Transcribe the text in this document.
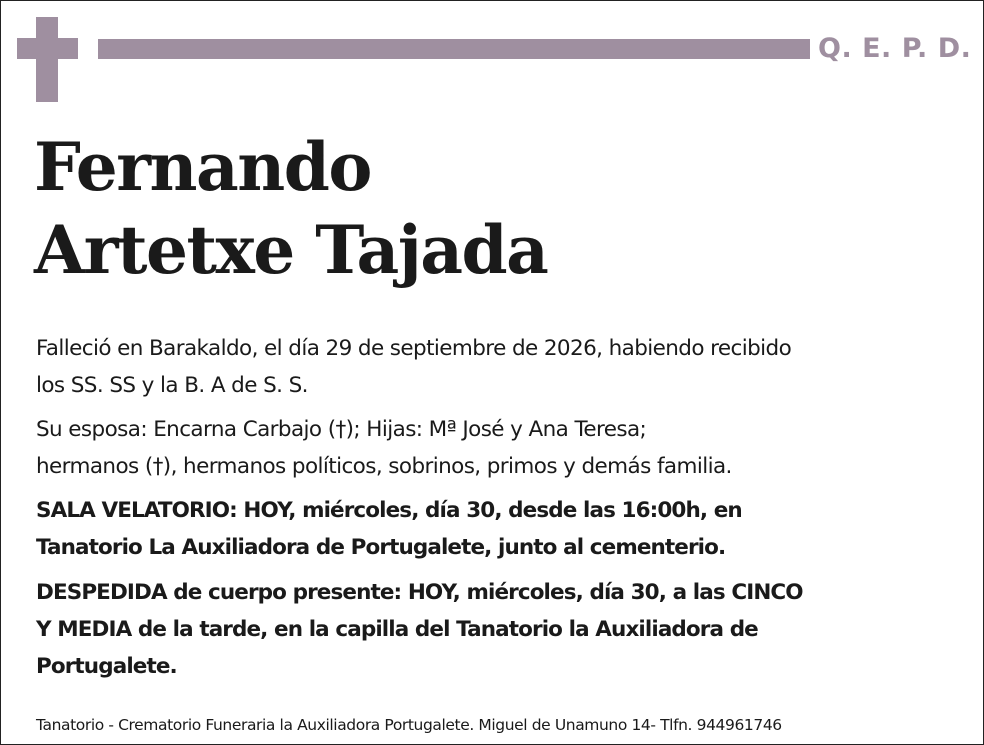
Q. E. P. D.
Fernando
Artetxe Tajada
Falleció en Barakaldo, el día 29 de septiembre de 2026, habiendo recibido
los SS. SS y la B. A de S. S.
Su esposa: Encarna Carbajo (†); Hijas: Mª José y Ana Teresa;
hermanos (†), hermanos políticos, sobrinos, primos y demás familia.
SALA VELATORIO: HOY, miércoles, día 30, desde las 16:00h, en
Tanatorio La Auxiliadora de Portugalete, junto al cementerio.
DESPEDIDA de cuerpo presente: HOY, miércoles, día 30, a las CINCO
Y MEDIA de la tarde, en la capilla del Tanatorio la Auxiliadora de
Portugalete.
Tanatorio - Crematorio Funeraria la Auxiliadora Portugalete. Miguel de Unamuno 14- Tlfn. 944961746
